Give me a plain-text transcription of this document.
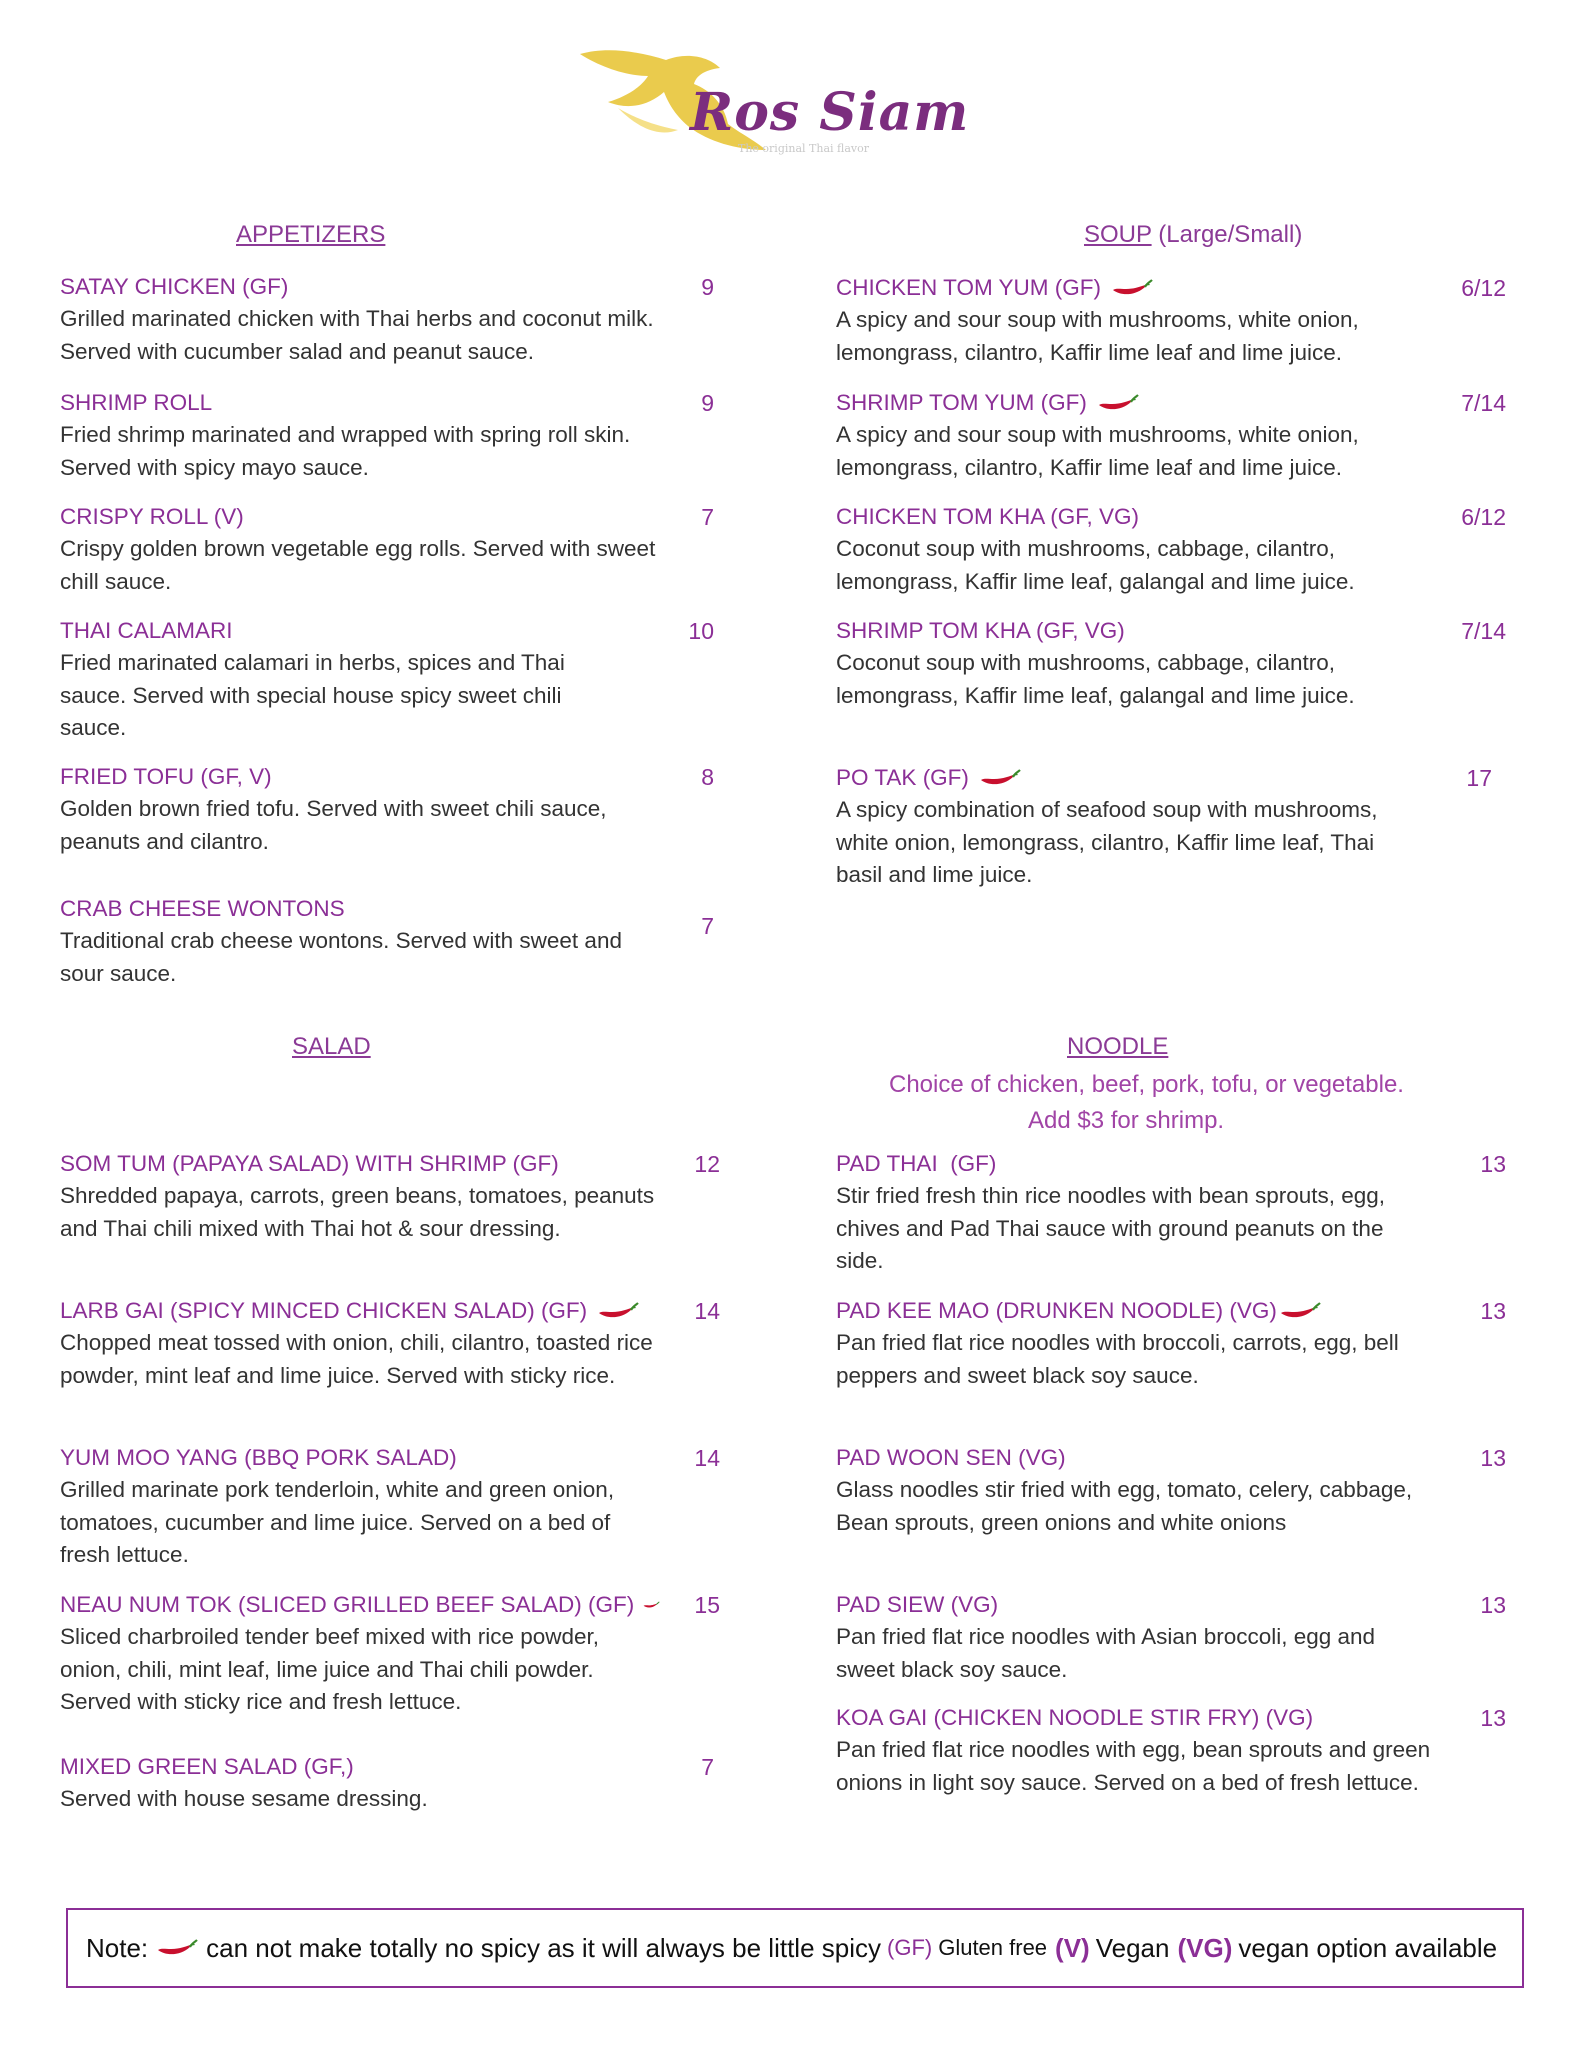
Ros Siam
The original Thai flavor
APPETIZERS	SOUP (Large/Small)
SALAD	NOODLE
Choice of chicken, beef, pork, tofu, or vegetable.
Add $3 for shrimp.
SATAY CHICKEN (GF)
Grilled marinated chicken with Thai herbs and coconut milk. Served with cucumber salad and peanut sauce.
9
SHRIMP ROLL
Fried shrimp marinated and wrapped with spring roll skin. Served with spicy mayo sauce.
9
CRISPY ROLL (V)
Crispy golden brown vegetable egg rolls. Served with sweet chill sauce.
7
THAI CALAMARI
Fried marinated calamari in herbs, spices and Thai sauce. Served with special house spicy sweet chili sauce.
10
FRIED TOFU (GF, V)
Golden brown fried tofu. Served with sweet chili sauce, peanuts and cilantro.
8
CRAB CHEESE WONTONS
Traditional crab cheese wontons. Served with sweet and sour sauce.
7
CHICKEN TOM YUM (GF)
A spicy and sour soup with mushrooms, white onion, lemongrass, cilantro, Kaffir lime leaf and lime juice.
6/12
SHRIMP TOM YUM (GF)
A spicy and sour soup with mushrooms, white onion, lemongrass, cilantro, Kaffir lime leaf and lime juice.
7/14
CHICKEN TOM KHA (GF, VG)
Coconut soup with mushrooms, cabbage, cilantro, lemongrass, Kaffir lime leaf, galangal and lime juice.
6/12
SHRIMP TOM KHA (GF, VG)
Coconut soup with mushrooms, cabbage, cilantro, lemongrass, Kaffir lime leaf, galangal and lime juice.
7/14
PO TAK (GF)
A spicy combination of seafood soup with mushrooms, white onion, lemongrass, cilantro, Kaffir lime leaf, Thai basil and lime juice.
17
SOM TUM (PAPAYA SALAD) WITH SHRIMP (GF)
Shredded papaya, carrots, green beans, tomatoes, peanuts and Thai chili mixed with Thai hot & sour dressing.
12
LARB GAI (SPICY MINCED CHICKEN SALAD) (GF)
Chopped meat tossed with onion, chili, cilantro, toasted rice powder, mint leaf and lime juice. Served with sticky rice.
14
YUM MOO YANG (BBQ PORK SALAD)
Grilled marinate pork tenderloin, white and green onion, tomatoes, cucumber and lime juice. Served on a bed of fresh lettuce.
14
NEAU NUM TOK (SLICED GRILLED BEEF SALAD) (GF)
Sliced charbroiled tender beef mixed with rice powder, onion, chili, mint leaf, lime juice and Thai chili powder. Served with sticky rice and fresh lettuce.
15
MIXED GREEN SALAD (GF,)
Served with house sesame dressing.
7
PAD THAI  (GF)
Stir fried fresh thin rice noodles with bean sprouts, egg, chives and Pad Thai sauce with ground peanuts on the side.
13
PAD KEE MAO (DRUNKEN NOODLE) (VG)
Pan fried flat rice noodles with broccoli, carrots, egg, bell peppers and sweet black soy sauce.
13
PAD WOON SEN (VG)
Glass noodles stir fried with egg, tomato, celery, cabbage, Bean sprouts, green onions and white onions
13
PAD SIEW (VG)
Pan fried flat rice noodles with Asian broccoli, egg and sweet black soy sauce.
13
KOA GAI (CHICKEN NOODLE STIR FRY) (VG)
Pan fried flat rice noodles with egg, bean sprouts and green onions in light soy sauce. Served on a bed of fresh lettuce.
13
Note: can not make totally no spicy as it will always be little spicy (GF) Gluten free (V) Vegan (VG) vegan option available
